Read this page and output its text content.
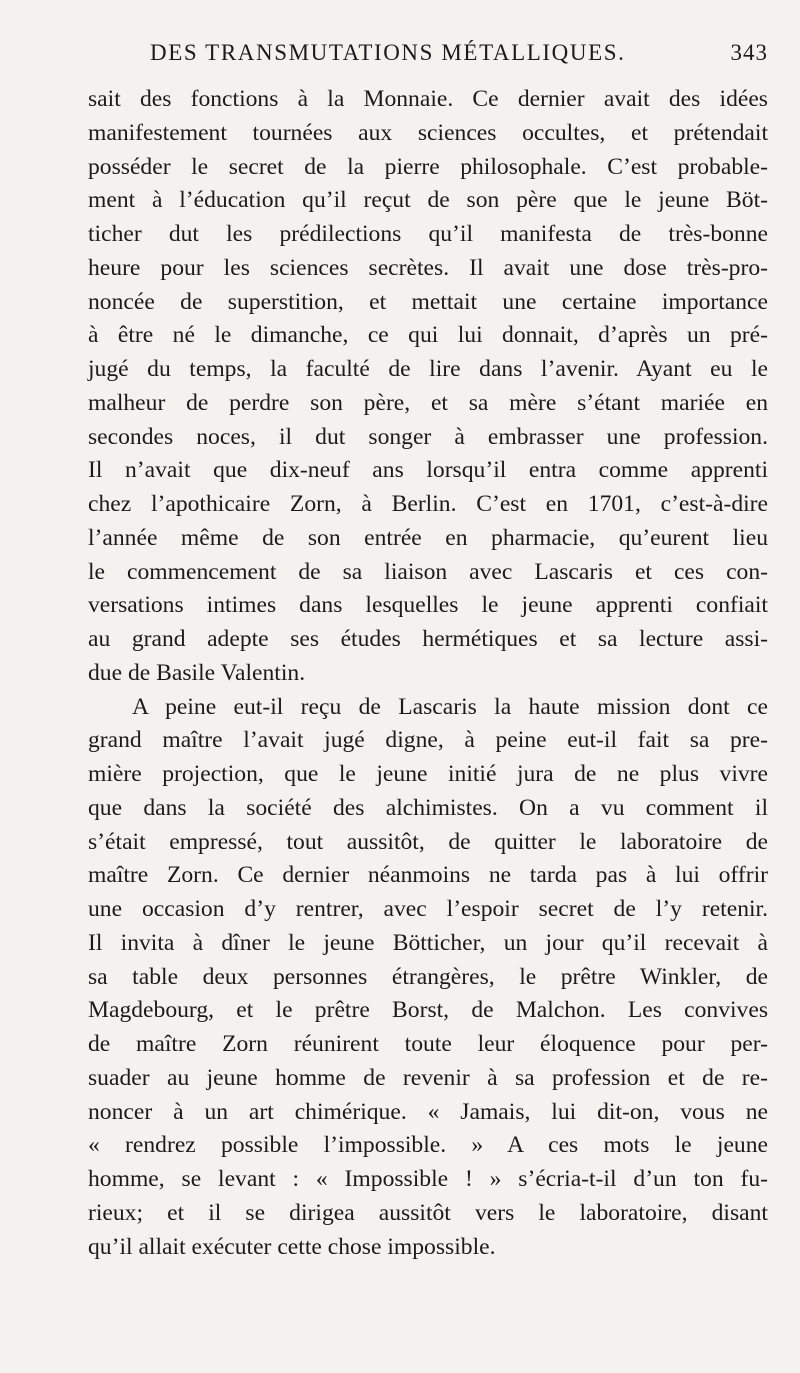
DES TRANSMUTATIONS MÉTALLIQUES.	343
sait des fonctions à la Monnaie. Ce dernier avait des idées
manifestement tournées aux sciences occultes, et prétendait
posséder le secret de la pierre philosophale. C’est probable-
ment à l’éducation qu’il reçut de son père que le jeune Böt-
ticher dut les prédilections qu’il manifesta de très-bonne
heure pour les sciences secrètes. Il avait une dose très-pro-
noncée de superstition, et mettait une certaine importance
à être né le dimanche, ce qui lui donnait, d’après un pré-
jugé du temps, la faculté de lire dans l’avenir. Ayant eu le
malheur de perdre son père, et sa mère s’étant mariée en
secondes noces, il dut songer à embrasser une profession.
Il n’avait que dix-neuf ans lorsqu’il entra comme apprenti
chez l’apothicaire Zorn, à Berlin. C’est en 1701, c’est-à-dire
l’année même de son entrée en pharmacie, qu’eurent lieu
le commencement de sa liaison avec Lascaris et ces con-
versations intimes dans lesquelles le jeune apprenti confiait
au grand adepte ses études hermétiques et sa lecture assi-
due de Basile Valentin.
A peine eut-il reçu de Lascaris la haute mission dont ce
grand maître l’avait jugé digne, à peine eut-il fait sa pre-
mière projection, que le jeune initié jura de ne plus vivre
que dans la société des alchimistes. On a vu comment il
s’était empressé, tout aussitôt, de quitter le laboratoire de
maître Zorn. Ce dernier néanmoins ne tarda pas à lui offrir
une occasion d’y rentrer, avec l’espoir secret de l’y retenir.
Il invita à dîner le jeune Bötticher, un jour qu’il recevait à
sa table deux personnes étrangères, le prêtre Winkler, de
Magdebourg, et le prêtre Borst, de Malchon. Les convives
de maître Zorn réunirent toute leur éloquence pour per-
suader au jeune homme de revenir à sa profession et de re-
noncer à un art chimérique. « Jamais, lui dit-on, vous ne
« rendrez possible l’impossible. » A ces mots le jeune
homme, se levant : « Impossible ! » s’écria-t-il d’un ton fu-
rieux; et il se dirigea aussitôt vers le laboratoire, disant
qu’il allait exécuter cette chose impossible.
